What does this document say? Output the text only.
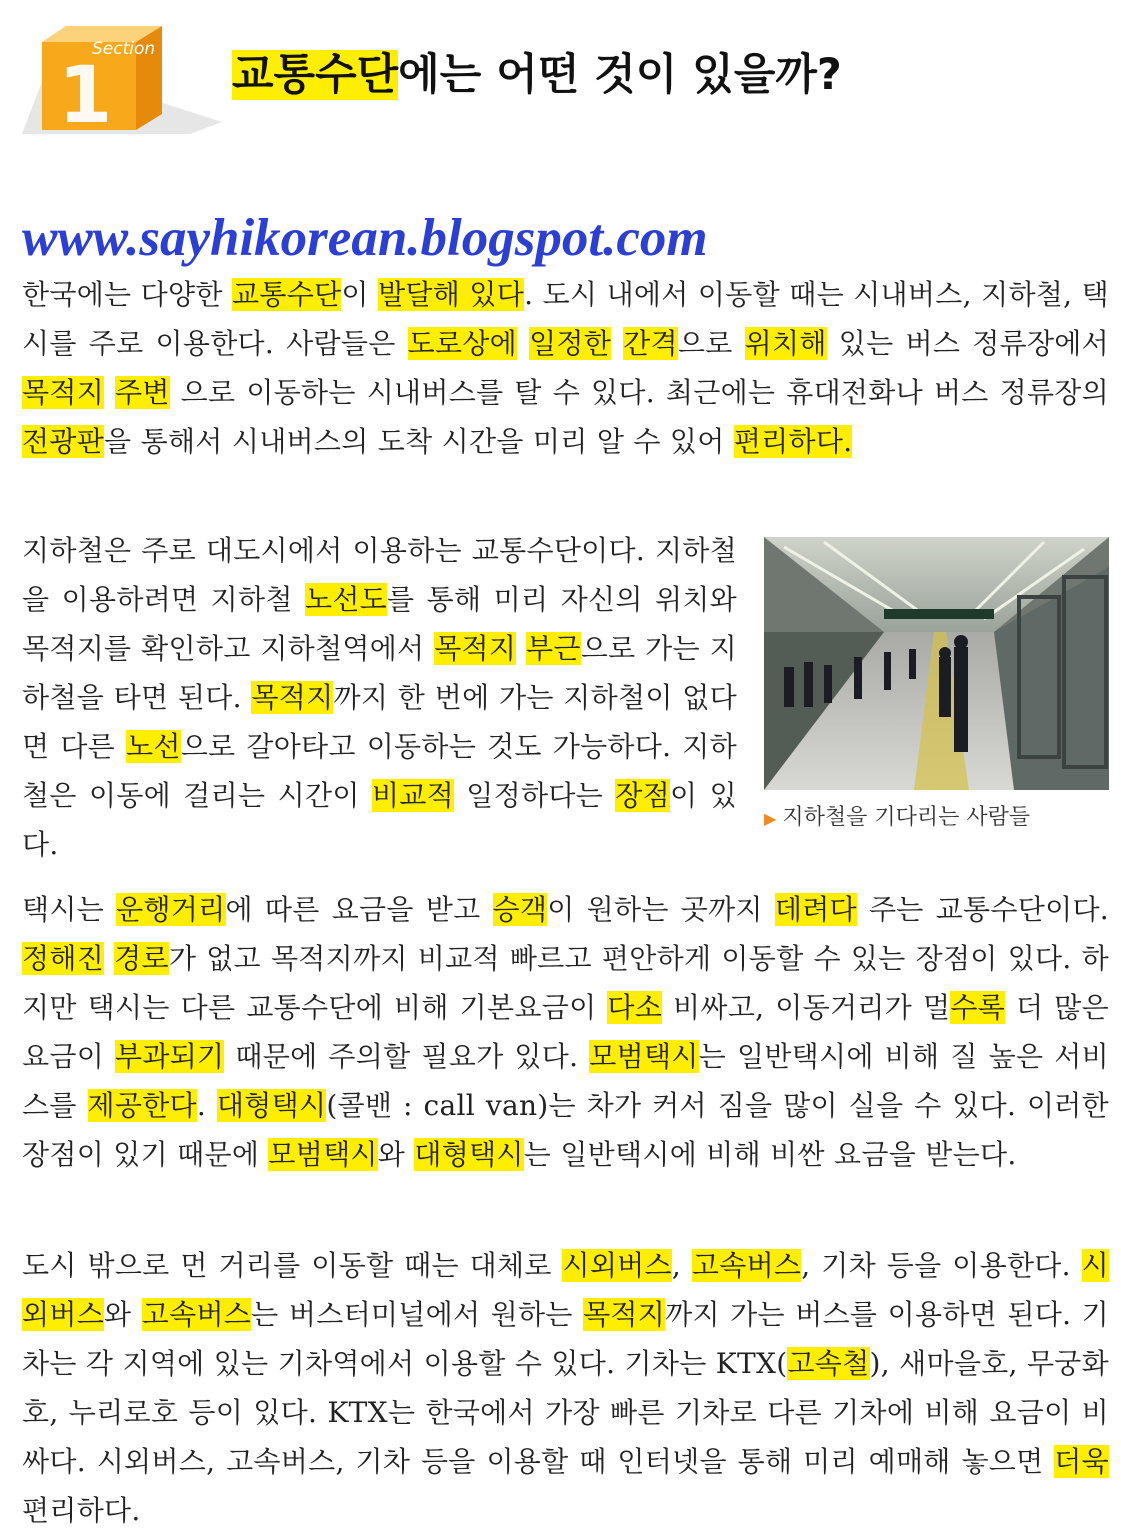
1
Section
교통수단에는 어떤 것이 있을까?

www.sayhikorean.blogspot.com

한국에는 다양한 교통수단이 발달해 있다. 도시 내에서 이동할 때는 시내버스, 지하철, 택시를 주로 이용한다. 사람들은 도로상에 일정한 간격으로 위치해 있는 버스 정류장에서 목적지 주변 으로 이동하는 시내버스를 탈 수 있다. 최근에는 휴대전화나 버스 정류장의 전광판을 통해서 시내버스의 도착 시간을 미리 알 수 있어 편리하다.

지하철은 주로 대도시에서 이용하는 교통수단이다. 지하철을 이용하려면 지하철 노선도를 통해 미리 자신의 위치와 목적지를 확인하고 지하철역에서 목적지 부근으로 가는 지하철을 타면 된다. 목적지까지 한 번에 가는 지하철이 없다면 다른 노선으로 갈아타고 이동하는 것도 가능하다. 지하철은 이동에 걸리는 시간이 비교적 일정하다는 장점이 있다.

택시는 운행거리에 따른 요금을 받고 승객이 원하는 곳까지 데려다 주는 교통수단이다. 정해진 경로가 없고 목적지까지 비교적 빠르고 편안하게 이동할 수 있는 장점이 있다. 하지만 택시는 다른 교통수단에 비해 기본요금이 다소 비싸고, 이동거리가 멀수록 더 많은 요금이 부과되기 때문에 주의할 필요가 있다. 모범택시는 일반택시에 비해 질 높은 서비스를 제공한다. 대형택시(콜밴 : call van)는 차가 커서 짐을 많이 실을 수 있다. 이러한 장점이 있기 때문에 모범택시와 대형택시는 일반택시에 비해 비싼 요금을 받는다.

도시 밖으로 먼 거리를 이동할 때는 대체로 시외버스, 고속버스, 기차 등을 이용한다. 시외버스와 고속버스는 버스터미널에서 원하는 목적지까지 가는 버스를 이용하면 된다. 기차는 각 지역에 있는 기차역에서 이용할 수 있다. 기차는 KTX(고속철), 새마을호, 무궁화호, 누리로호 등이 있다. KTX는 한국에서 가장 빠른 기차로 다른 기차에 비해 요금이 비싸다. 시외버스, 고속버스, 기차 등을 이용할 때 인터넷을 통해 미리 예매해 놓으면 더욱 편리하다.

▶ 지하철을 기다리는 사람들
